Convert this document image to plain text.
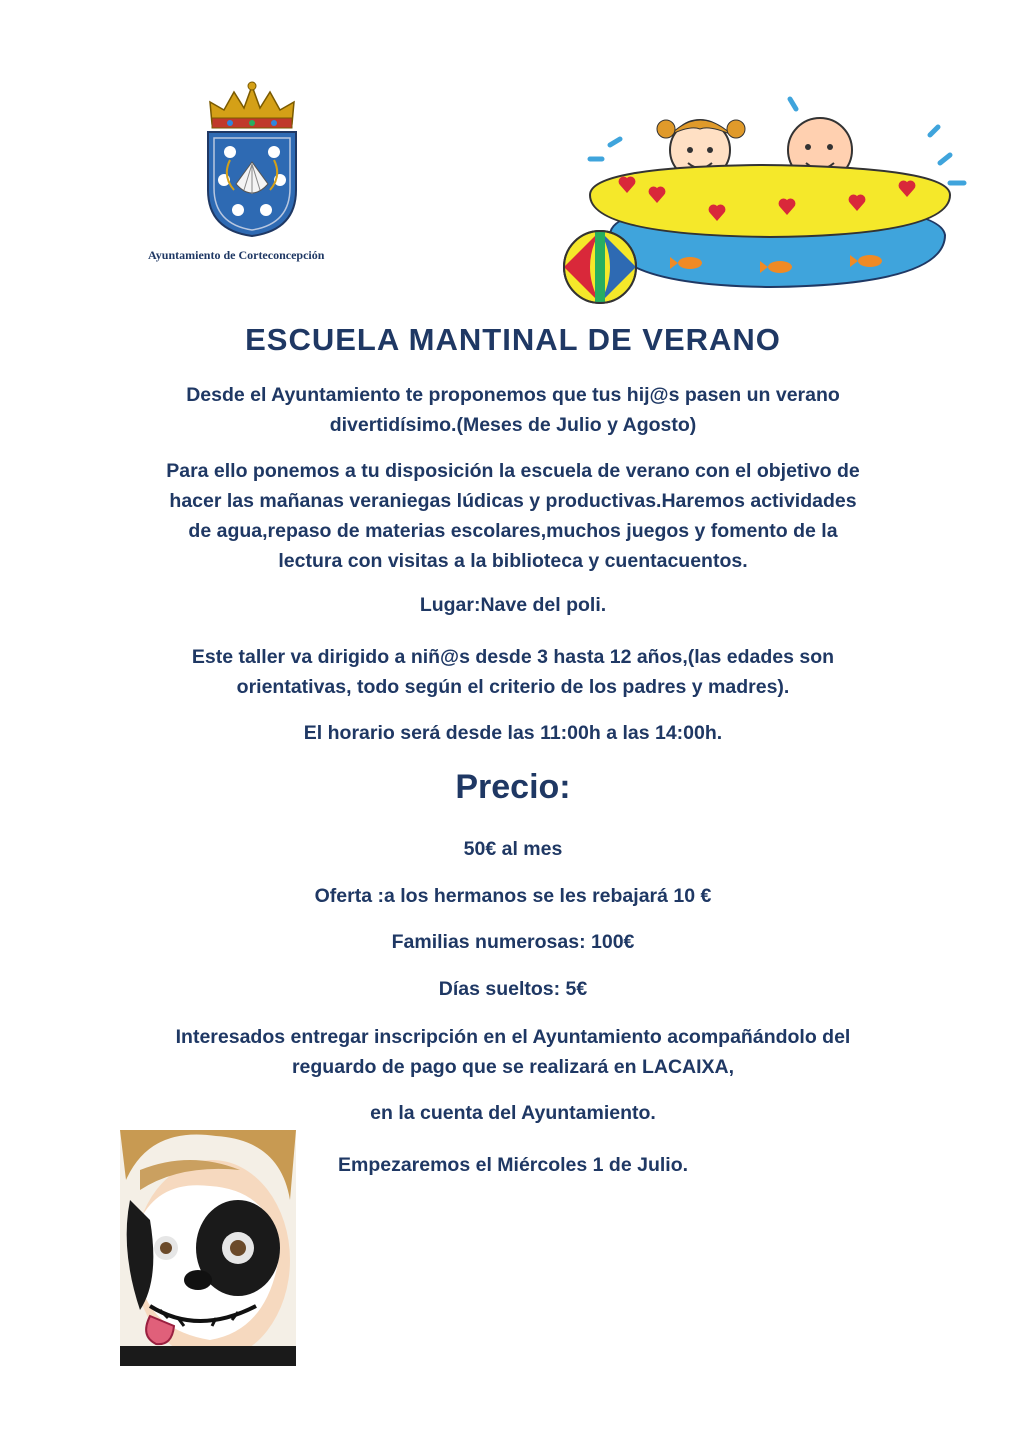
Ayuntamiento de Corteconcepción
ESCUELA MANTINAL DE VERANO
Desde el Ayuntamiento te proponemos que tus hij@s pasen un verano
divertidísimo.(Meses de Julio y Agosto)
Para ello ponemos a tu disposición la escuela de verano con el objetivo de
hacer las mañanas veraniegas lúdicas y productivas.Haremos actividades
de agua,repaso de materias escolares,muchos juegos y fomento de la
lectura con visitas a la biblioteca y cuentacuentos.
Lugar:Nave del poli.
Este taller va dirigido a niñ@s desde 3 hasta 12 años,(las edades son
orientativas, todo según el criterio de los padres y madres).
El horario será desde las 11:00h a las 14:00h.
Precio:
50€ al mes
Oferta :a los hermanos se les rebajará 10 €
Familias numerosas: 100€
Días sueltos: 5€
Interesados entregar inscripción en el Ayuntamiento acompañándolo del
reguardo de pago que se realizará en LACAIXA,
en la cuenta del Ayuntamiento.
Empezaremos el Miércoles 1 de Julio.
